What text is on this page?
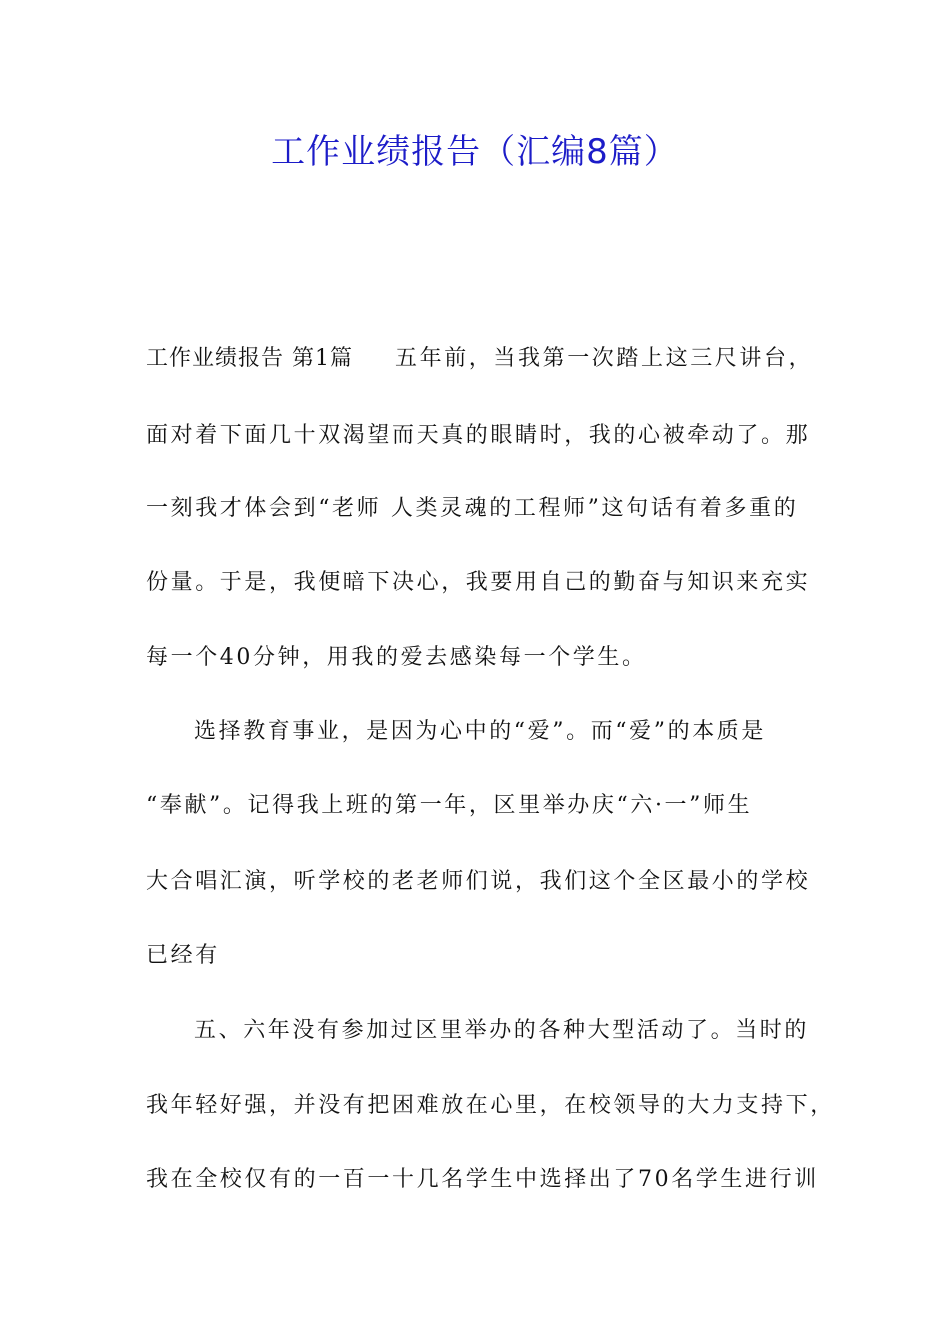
工作业绩报告（汇编8篇）
工作业绩报告 第1篇 五年前，当我第一次踏上这三尺讲台，
面对着下面几十双渴望而天真的眼睛时，我的心被牵动了。那
一刻我才体会到“老师 人类灵魂的工程师”这句话有着多重的
份量。于是，我便暗下决心，我要用自己的勤奋与知识来充实
每一个40分钟，用我的爱去感染每一个学生。
选择教育事业，是因为心中的“爱”。而“爱”的本质是
“奉献”。记得我上班的第一年，区里举办庆“六·一”师生
大合唱汇演，听学校的老老师们说，我们这个全区最小的学校
已经有
五、六年没有参加过区里举办的各种大型活动了。当时的
我年轻好强，并没有把困难放在心里，在校领导的大力支持下，
我在全校仅有的一百一十几名学生中选择出了70名学生进行训
